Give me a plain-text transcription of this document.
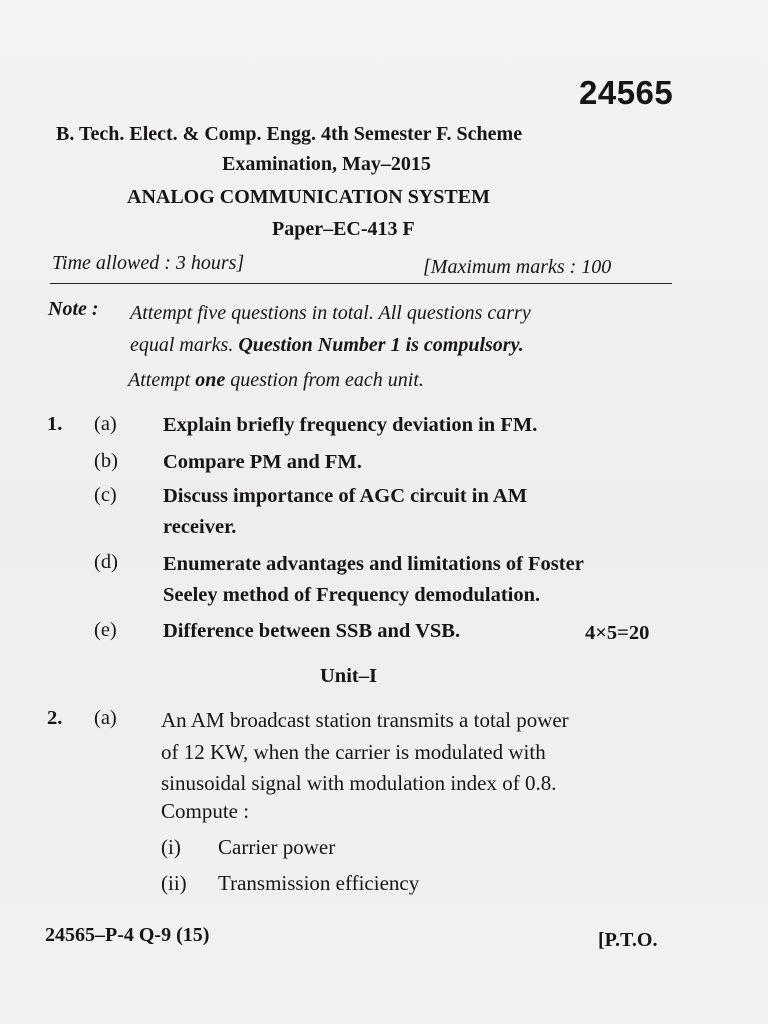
24565
B. Tech. Elect. & Comp. Engg. 4th Semester F. Scheme
Examination, May–2015
ANALOG COMMUNICATION SYSTEM
Paper–EC-413 F
Time allowed : 3 hours]	[Maximum marks : 100
Note : Attempt five questions in total. All questions carry
equal marks. Question Number 1 is compulsory.
Attempt one question from each unit.
1. (a) Explain briefly frequency deviation in FM.
(b) Compare PM and FM.
(c) Discuss importance of AGC circuit in AM
receiver.
(d) Enumerate advantages and limitations of Foster
Seeley method of Frequency demodulation.
(e) Difference between SSB and VSB.	4×5=20
Unit–I
2. (a) An AM broadcast station transmits a total power
of 12 KW, when the carrier is modulated with
sinusoidal signal with modulation index of 0.8.
Compute :
(i) Carrier power
(ii) Transmission efficiency
24565–P-4 Q-9 (15)	[P.T.O.
